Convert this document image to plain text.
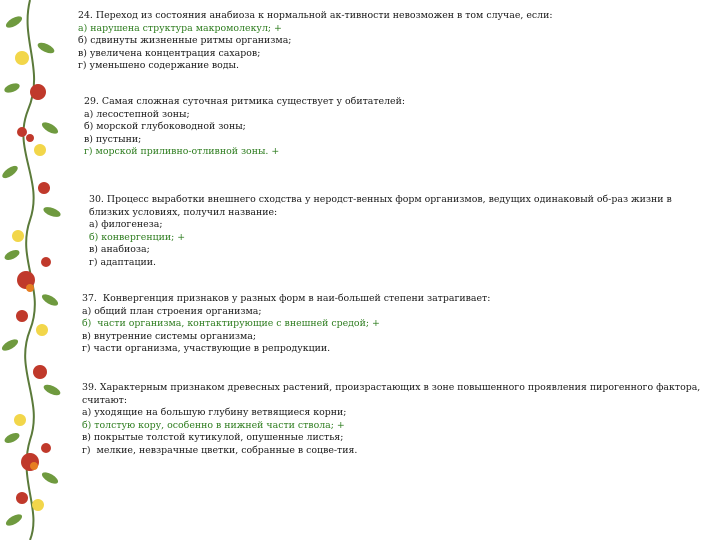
24. Переход из состояния анабиоза к нормальной ак-тивности невозможен в том случае, если:

а) нарушена структура макромолекул; +

б) сдвинуты жизненные ритмы организма;

в) увеличена концентрация сахаров;

г) уменьшено содержание воды.

29. Самая сложная суточная ритмика существует у обитателей:

а) лесостепной зоны;

б) морской глубоководной зоны;

в) пустыни;

г) морской приливно-отливной зоны. +

30. Процесс выработки внешнего сходства у неродст-венных форм организмов, ведущих одинаковый об-раз жизни в близких условиях, получил название:

а) филогенеза;

б) конвергенции; +

в) анабиоза;

г) адаптации.

37.  Конвергенция признаков у разных форм в наи-большей степени затрагивает:

а) общий план строения организма;

б)  части организма, контактирующие с внешней средой; +

в) внутренние системы организма;

г) части организма, участвующие в репродукции.

39. Характерным признаком древесных растений, произрастающих в зоне повышенного проявления пирогенного фактора,  считают:

а) уходящие на большую глубину ветвящиеся корни;

б) толстую кору, особенно в нижней части ствола; +

в) покрытые толстой кутикулой, опушенные листья;

г)  мелкие, невзрачные цветки, собранные в соцве-тия.
